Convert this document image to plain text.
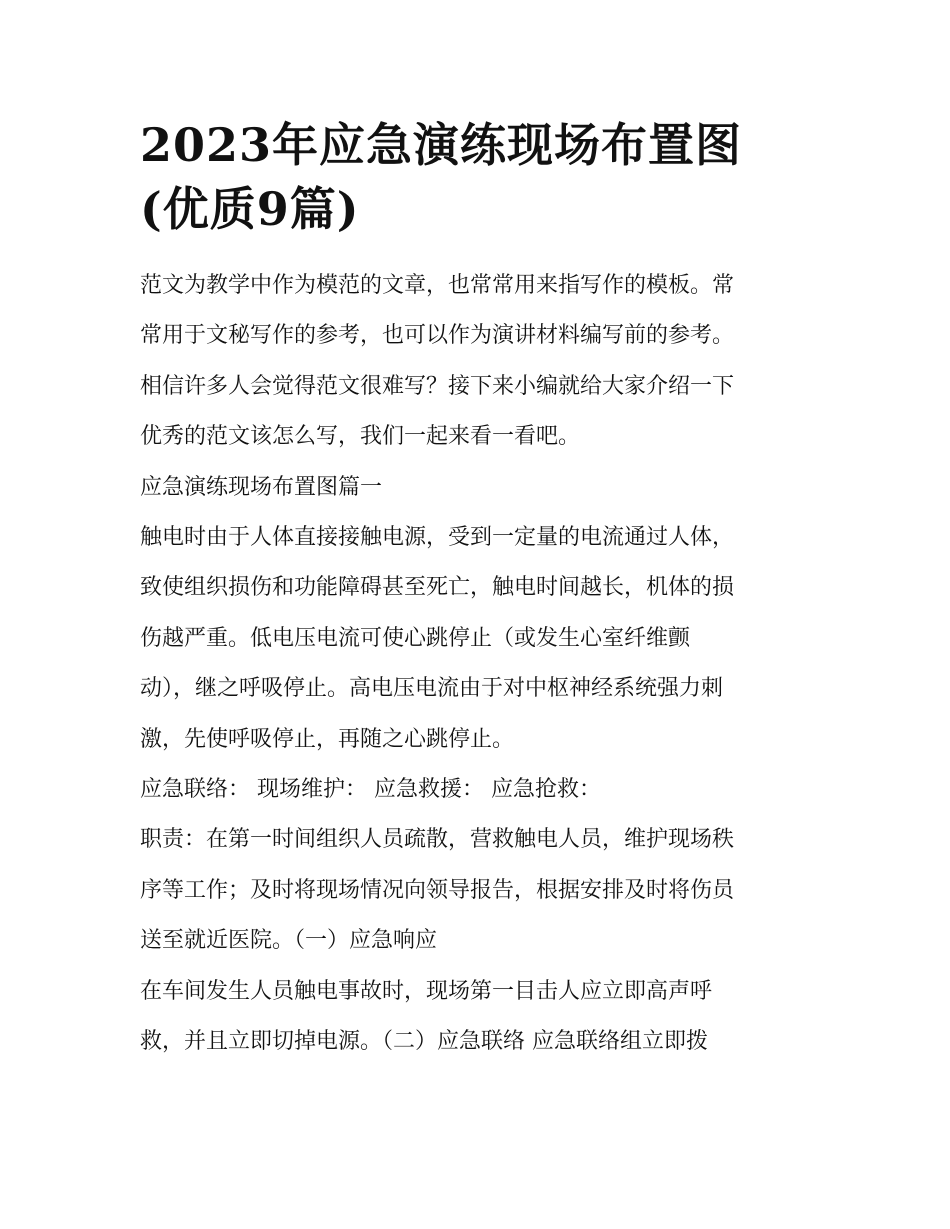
2023年应急演练现场布置图
(优质9篇)

范文为教学中作为模范的文章，也常常用来指写作的模板。常
常用于文秘写作的参考，也可以作为演讲材料编写前的参考。
相信许多人会觉得范文很难写？接下来小编就给大家介绍一下
优秀的范文该怎么写，我们一起来看一看吧。

应急演练现场布置图篇一

触电时由于人体直接接触电源，受到一定量的电流通过人体，
致使组织损伤和功能障碍甚至死亡，触电时间越长，机体的损
伤越严重。低电压电流可使心跳停止（或发生心室纤维颤
动），继之呼吸停止。高电压电流由于对中枢神经系统强力刺
激，先使呼吸停止，再随之心跳停止。

应急联络： 现场维护： 应急救援： 应急抢救：

职责：在第一时间组织人员疏散，营救触电人员，维护现场秩
序等工作；及时将现场情况向领导报告，根据安排及时将伤员
送至就近医院。（一）应急响应

在车间发生人员触电事故时，现场第一目击人应立即高声呼
救，并且立即切掉电源。（二）应急联络 应急联络组立即拨
